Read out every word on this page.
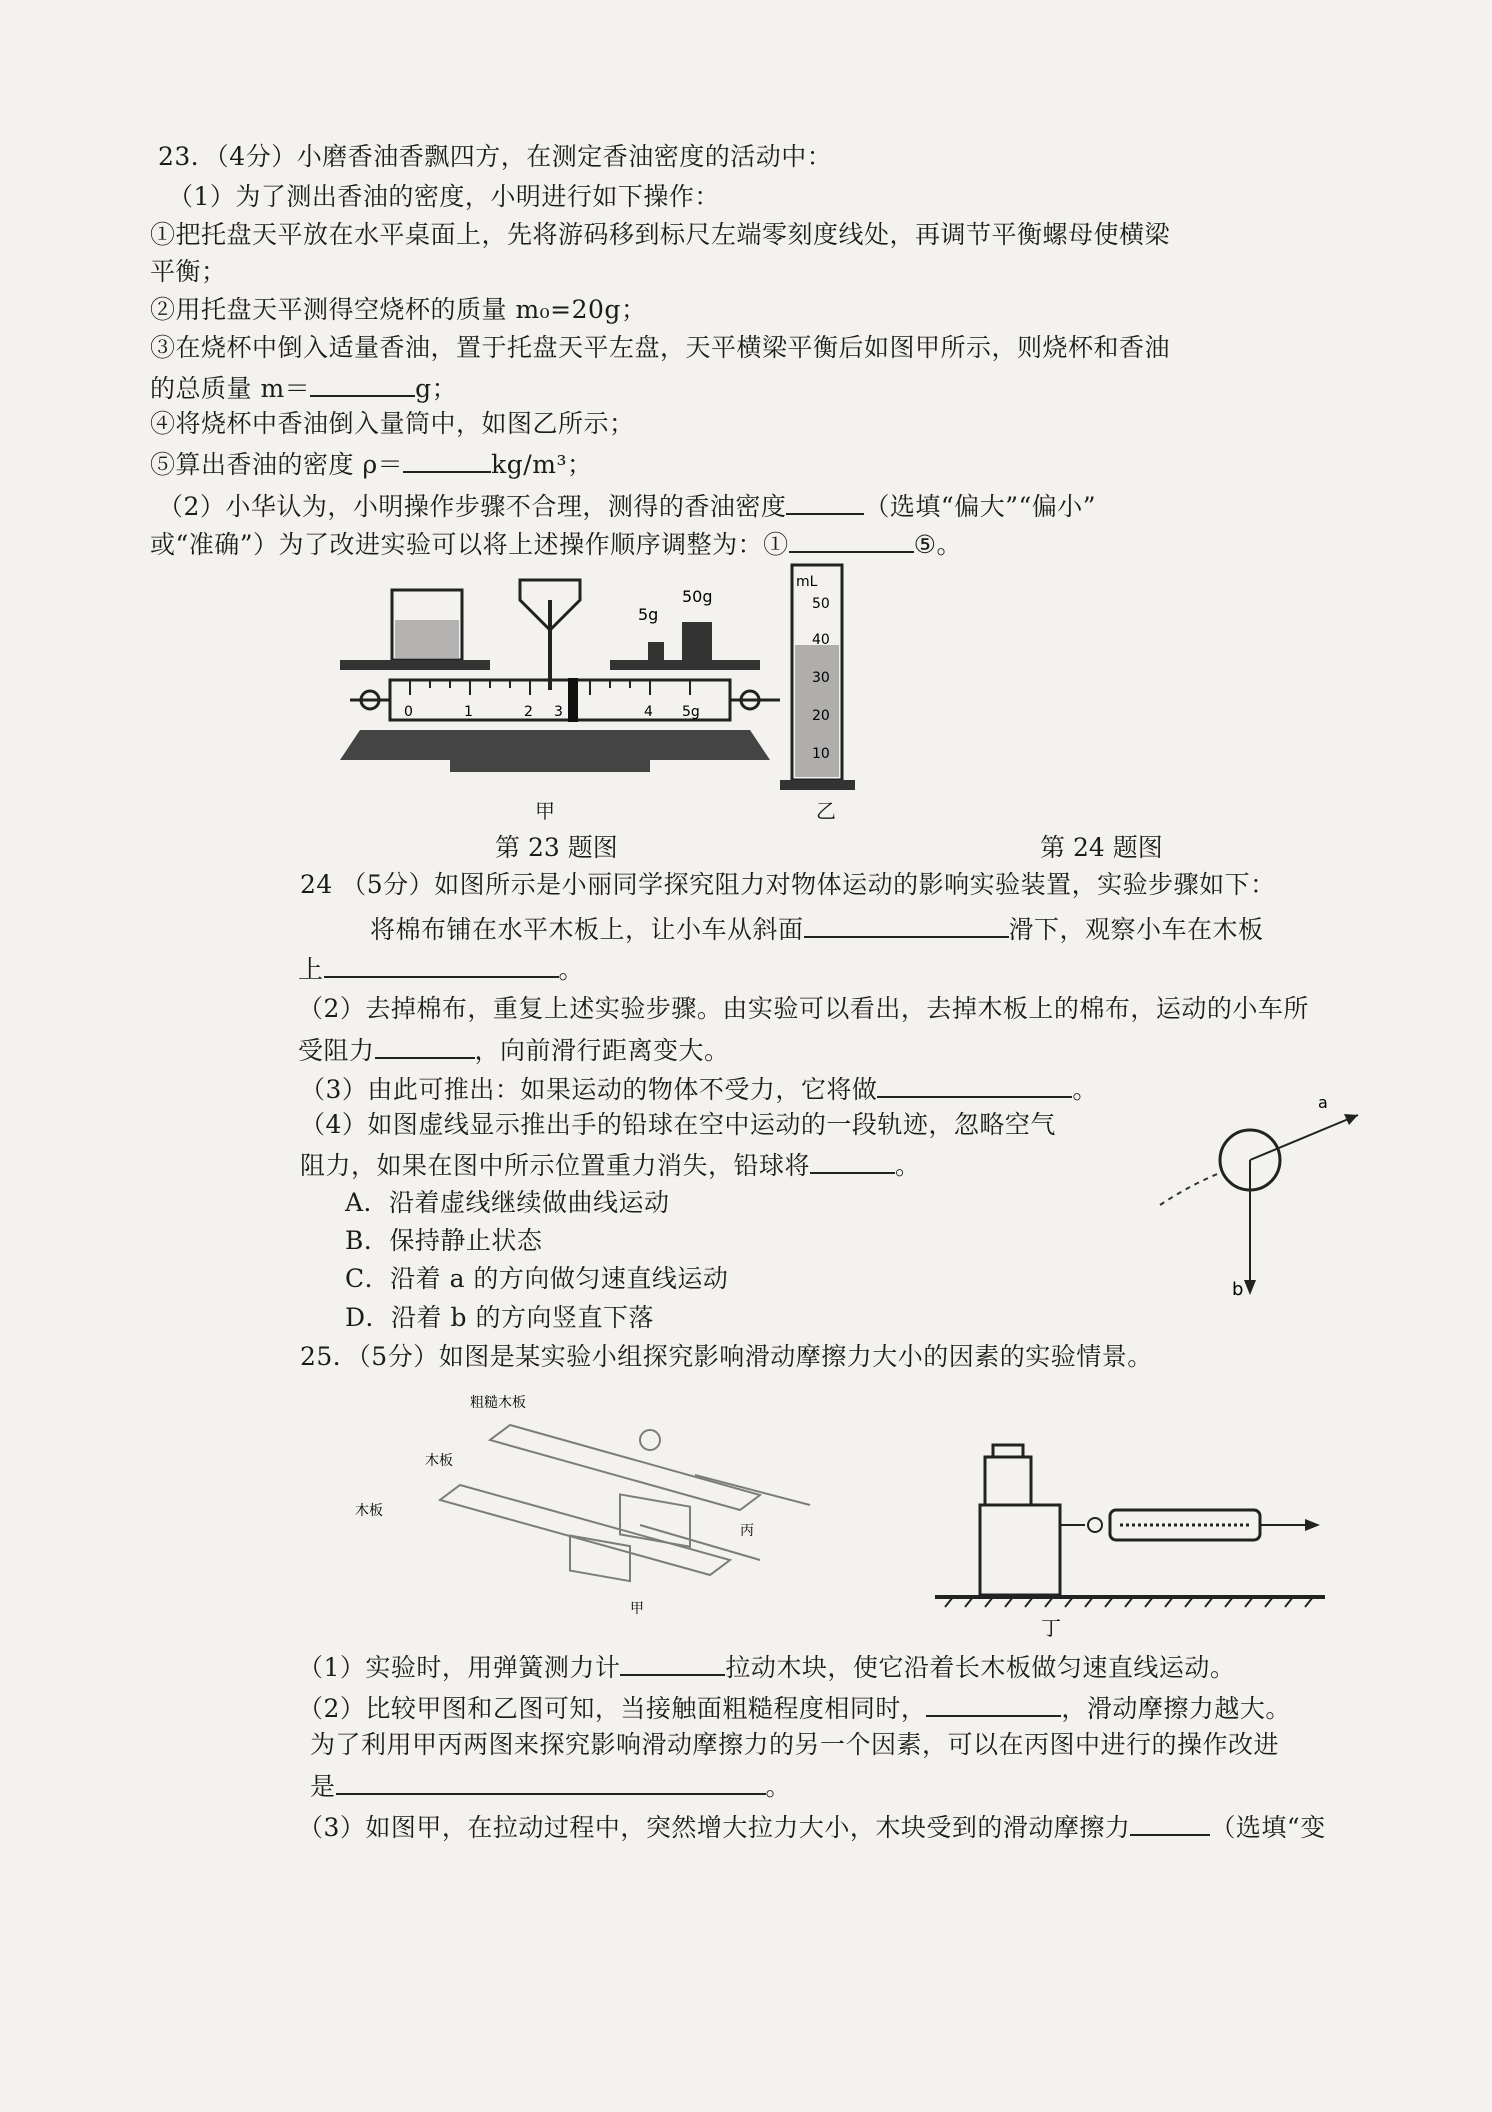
23．（4分）小磨香油香飘四方，在测定香油密度的活动中：
（1）为了测出香油的密度，小明进行如下操作：
①把托盘天平放在水平桌面上，先将游码移到标尺左端零刻度线处，再调节平衡螺母使横梁
平衡；
②用托盘天平测得空烧杯的质量 m₀=20g；
③在烧杯中倒入适量香油，置于托盘天平左盘，天平横梁平衡后如图甲所示，则烧杯和香油
的总质量 m＝	g；
④将烧杯中香油倒入量筒中，如图乙所示；
⑤算出香油的密度 ρ＝	kg/m³；
（2）小华认为，小明操作步骤不合理，测得的香油密度	（选填“偏大”“偏小”
或“准确”）为了改进实验可以将上述操作顺序调整为：①	⑤。
5g
50g
0	1	2 3	4 5g
mL
50
40
30
20
10
甲	乙
第 23 题图	第 24 题图
24 （5分）如图所示是小丽同学探究阻力对物体运动的影响实验装置，实验步骤如下：
将棉布铺在水平木板上，让小车从斜面	滑下，观察小车在木板
上	。
（2）去掉棉布，重复上述实验步骤。由实验可以看出，去掉木板上的棉布，运动的小车所
受阻力	，向前滑行距离变大。
（3）由此可推出：如果运动的物体不受力，它将做	。
（4）如图虚线显示推出手的铅球在空中运动的一段轨迹，忽略空气
阻力，如果在图中所示位置重力消失，铅球将	。
A．沿着虚线继续做曲线运动
B．保持静止状态
C．沿着 a 的方向做匀速直线运动
D．沿着 b 的方向竖直下落
a
b
25．（5分）如图是某实验小组探究影响滑动摩擦力大小的因素的实验情景。
粗糙木板
木板
木板
丙
甲
丁
（1）实验时，用弹簧测力计	拉动木块，使它沿着长木板做匀速直线运动。
（2）比较甲图和乙图可知，当接触面粗糙程度相同时，	，滑动摩擦力越大。
为了利用甲丙两图来探究影响滑动摩擦力的另一个因素，可以在丙图中进行的操作改进
是	。
（3）如图甲，在拉动过程中，突然增大拉力大小，木块受到的滑动摩擦力	（选填“变
